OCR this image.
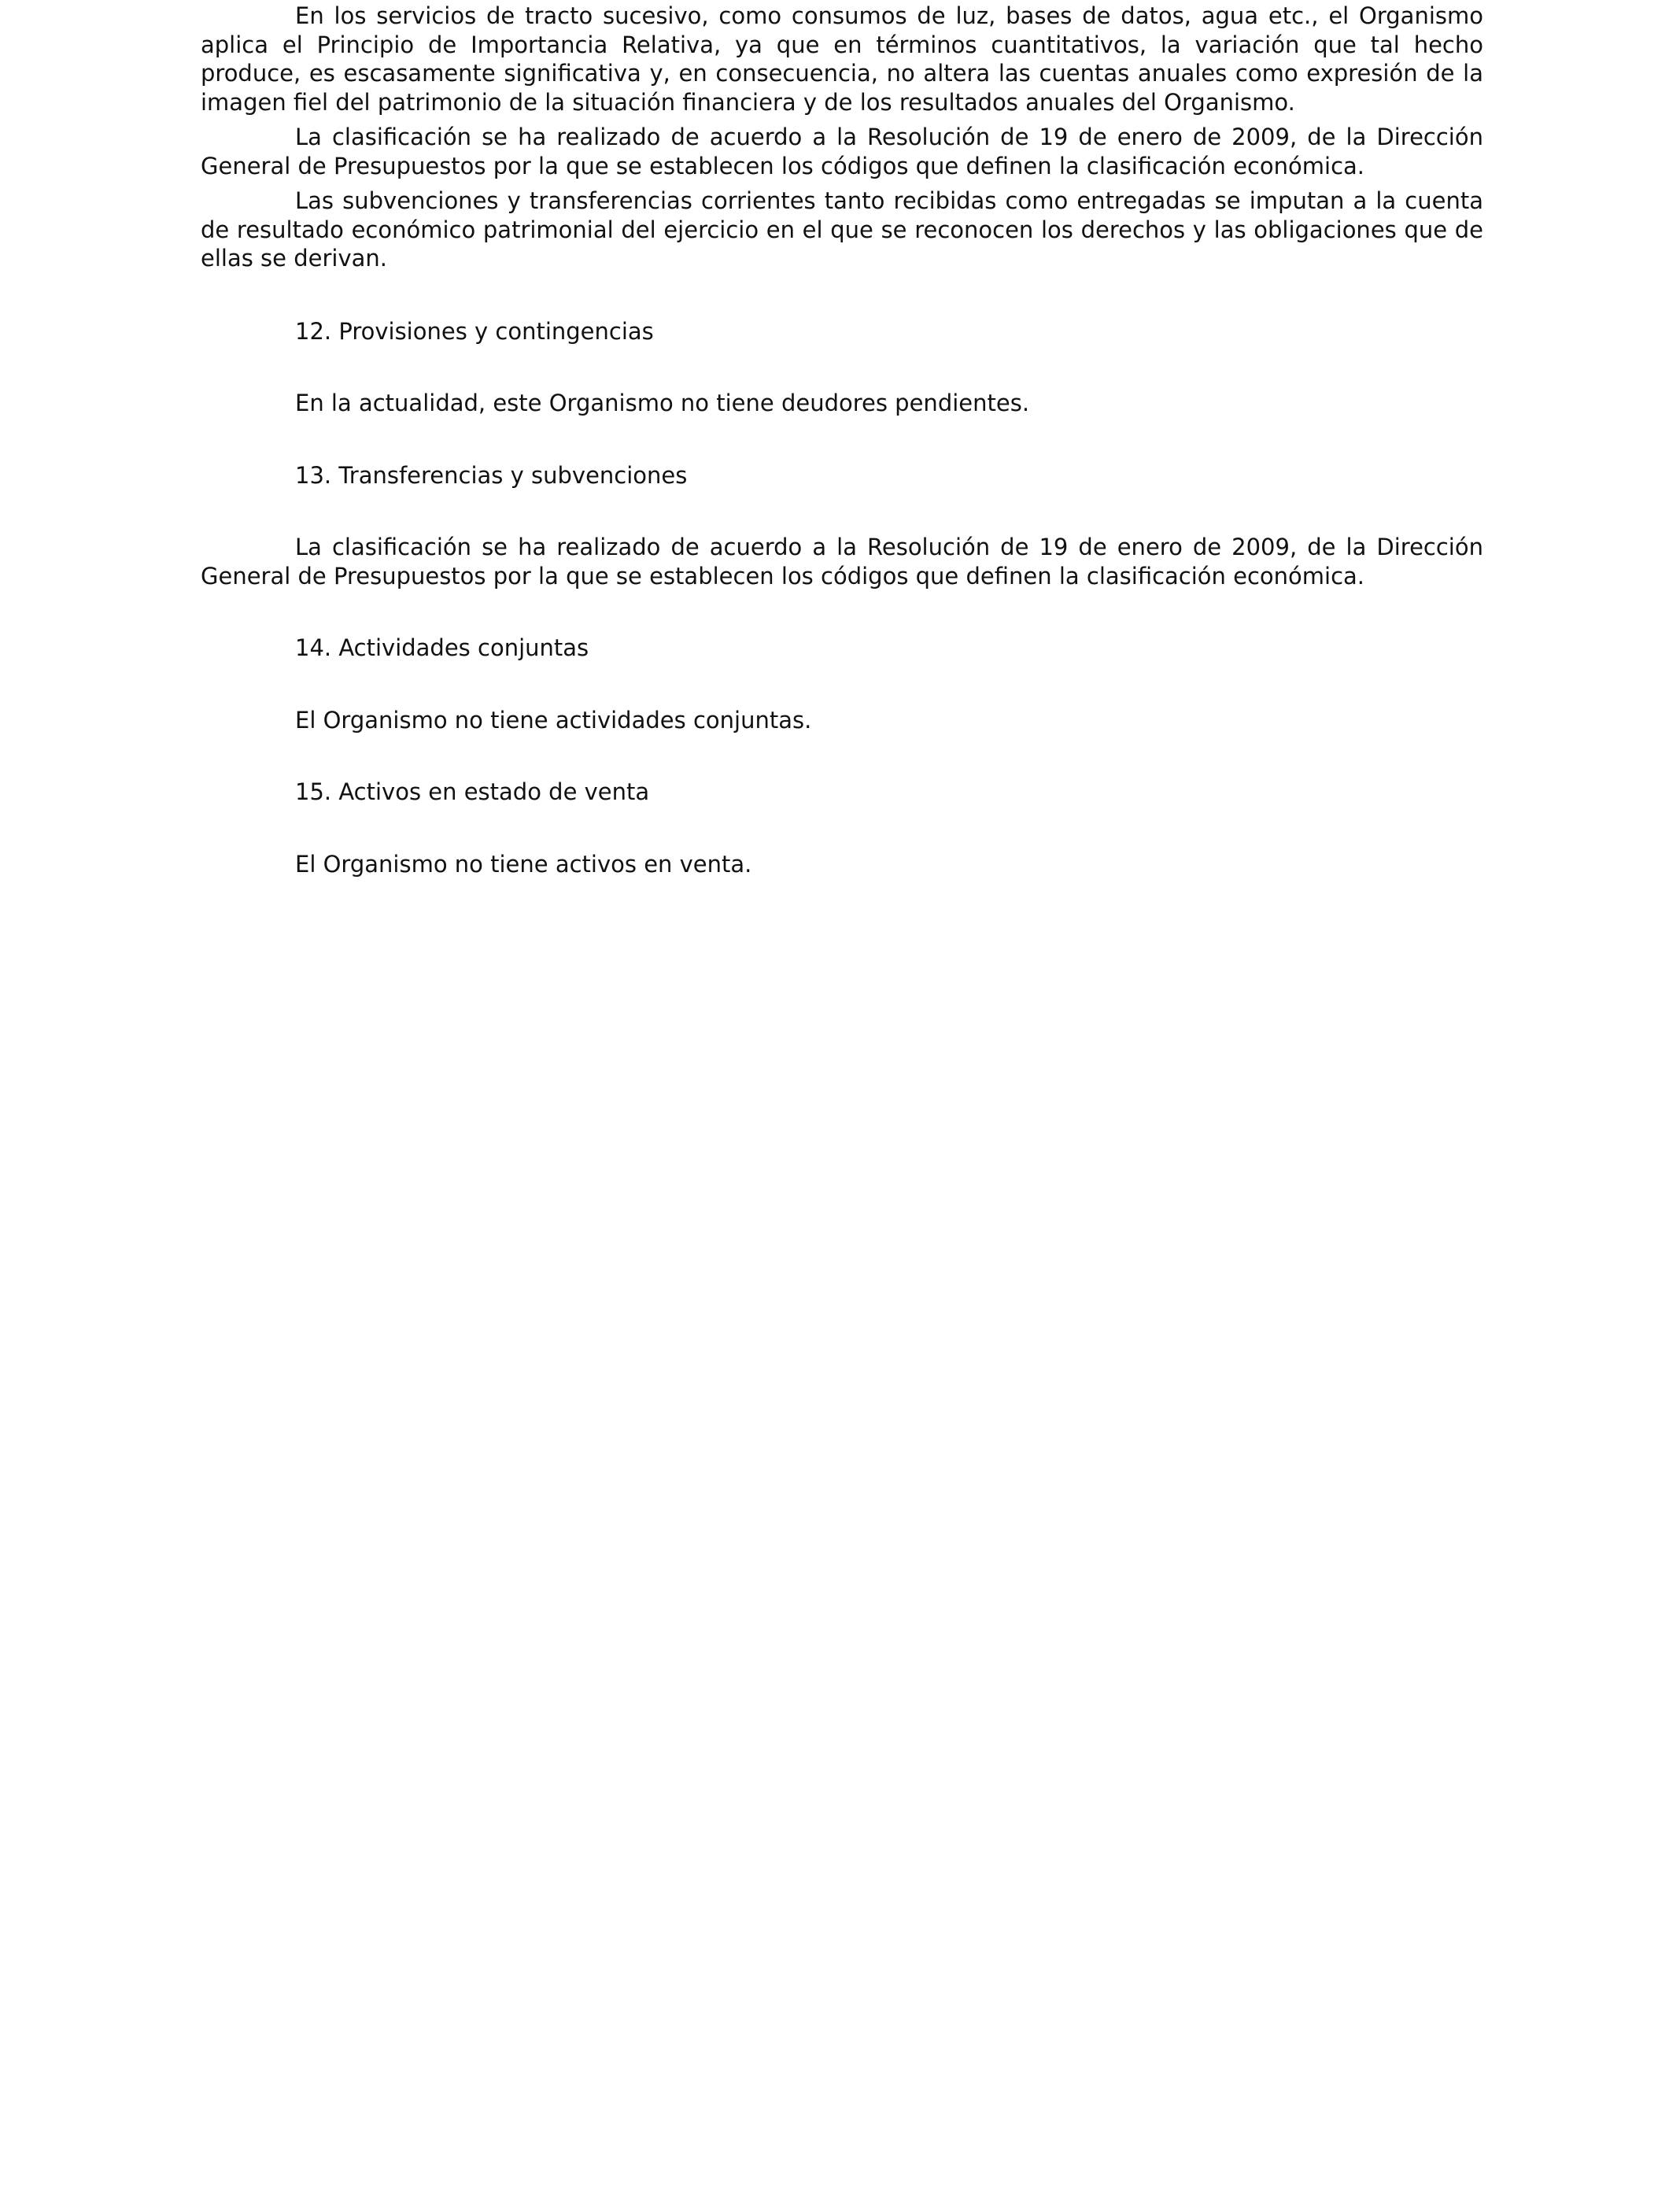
En los servicios de tracto sucesivo, como consumos de luz, bases de datos, agua etc., el Organismo aplica el Principio de Importancia Relativa, ya que en términos cuantitativos, la variación que tal hecho produce, es escasamente significativa y, en consecuencia, no altera las cuentas anuales como expresión de la imagen fiel del patrimonio de la situación financiera y de los resultados anuales del Organismo.

La clasificación se ha realizado de acuerdo a la Resolución de 19 de enero de 2009, de la Dirección General de Presupuestos por la que se establecen los códigos que definen la clasificación económica.

Las subvenciones y transferencias corrientes tanto recibidas como entregadas se imputan a la cuenta de resultado económico patrimonial del ejercicio en el que se reconocen los derechos y las obligaciones que de ellas se derivan.

12. Provisiones y contingencias

En la actualidad, este Organismo no tiene deudores pendientes.

13. Transferencias y subvenciones

La clasificación se ha realizado de acuerdo a la Resolución de 19 de enero de 2009, de la Dirección General de Presupuestos por la que se establecen los códigos que definen la clasificación económica.

14. Actividades conjuntas

El Organismo no tiene actividades conjuntas.

15. Activos en estado de venta

El Organismo no tiene activos en venta.
